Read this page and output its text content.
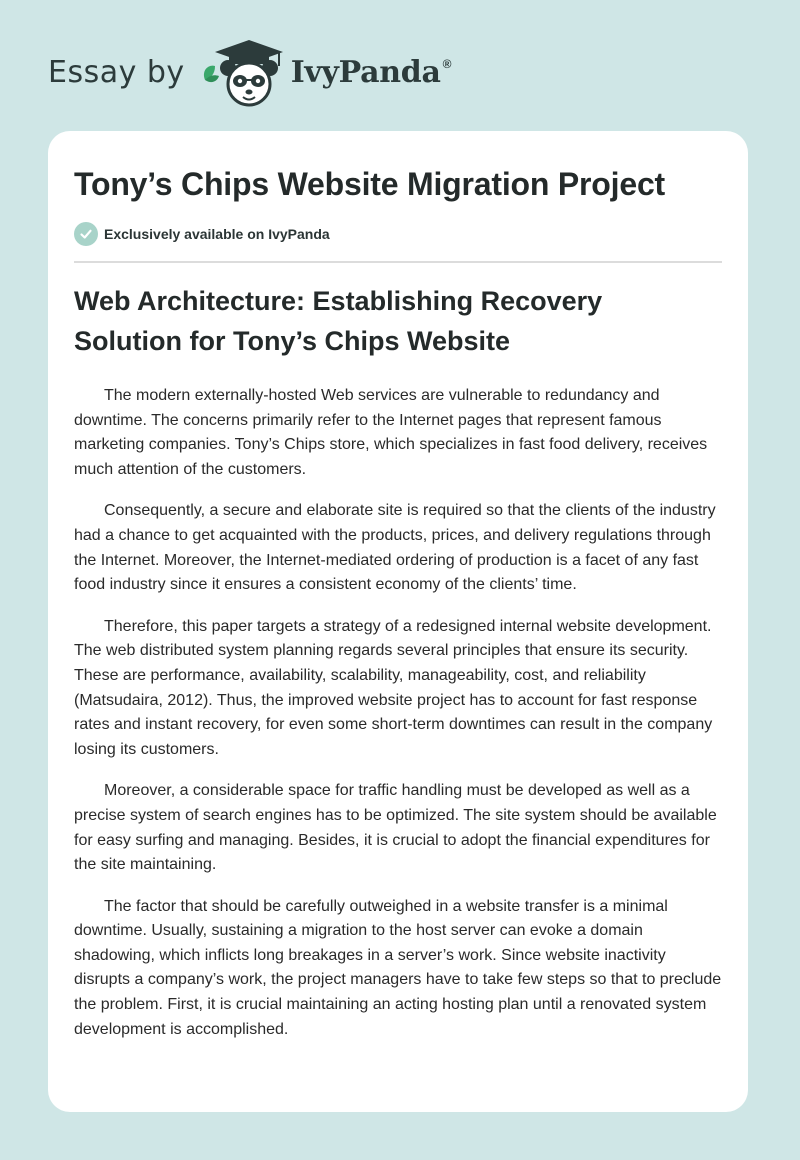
Essay by	IvyPanda ®
Tony’s Chips Website Migration Project
Exclusively available on IvyPanda
Web Architecture: Establishing Recovery Solution for Tony’s Chips Website

The modern externally-hosted Web services are vulnerable to redundancy and downtime. The concerns primarily refer to the Internet pages that represent famous marketing companies. Tony’s Chips store, which specializes in fast food delivery, receives much attention of the customers.

Consequently, a secure and elaborate site is required so that the clients of the industry had a chance to get acquainted with the products, prices, and delivery regulations through the Internet. Moreover, the Internet-mediated ordering of production is a facet of any fast food industry since it ensures a consistent economy of the clients’ time.

Therefore, this paper targets a strategy of a redesigned internal website development. The web distributed system planning regards several principles that ensure its security. These are performance, availability, scalability, manageability, cost, and reliability (Matsudaira, 2012). Thus, the improved website project has to account for fast response rates and instant recovery, for even some short-term downtimes can result in the company losing its customers.

Moreover, a considerable space for traffic handling must be developed as well as a precise system of search engines has to be optimized. The site system should be available for easy surfing and managing. Besides, it is crucial to adopt the financial expenditures for the site maintaining.

The factor that should be carefully outweighed in a website transfer is a minimal downtime. Usually, sustaining a migration to the host server can evoke a domain shadowing, which inflicts long breakages in a server’s work. Since website inactivity disrupts a company’s work, the project managers have to take few steps so that to preclude the problem. First, it is crucial maintaining an acting hosting plan until a renovated system development is accomplished.
